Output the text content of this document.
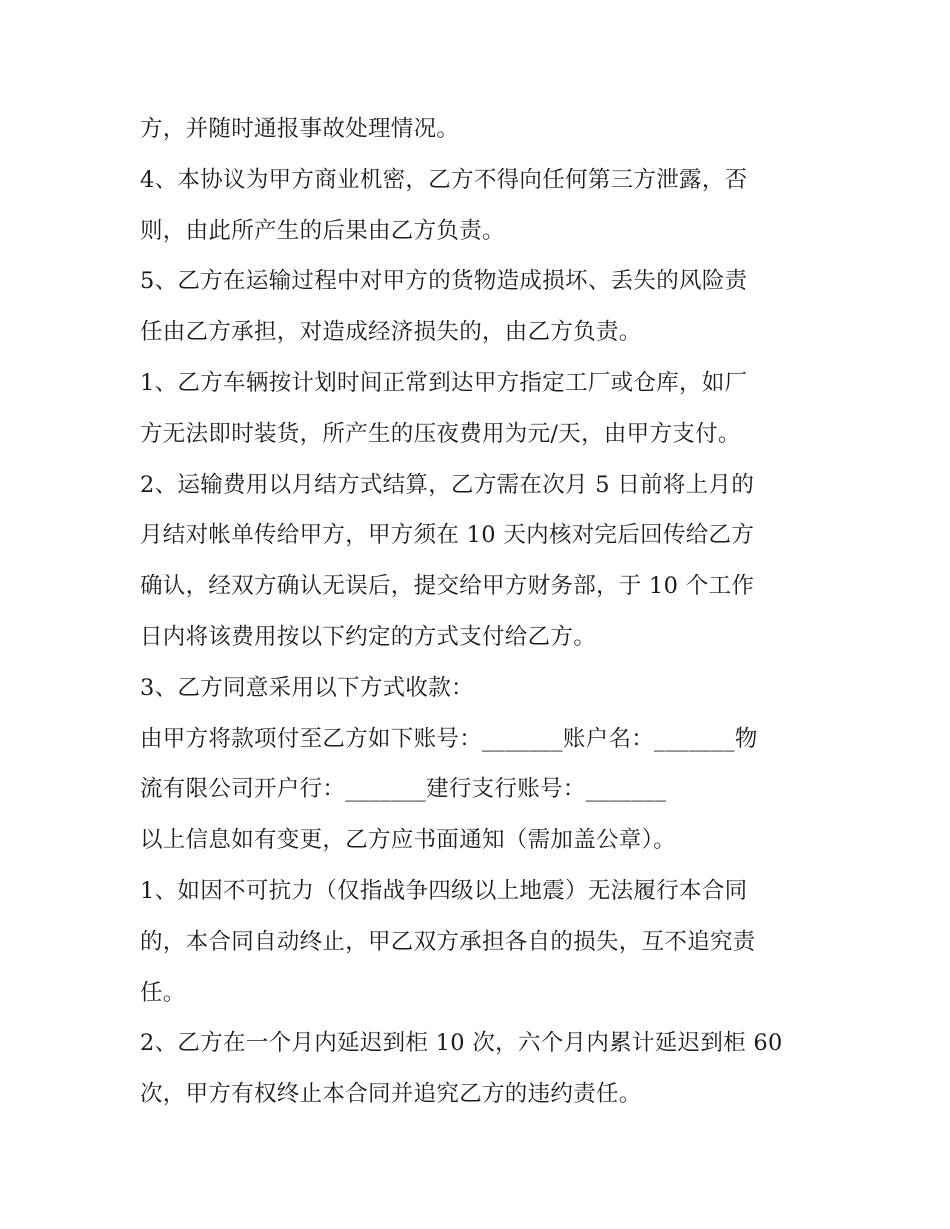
方，并随时通报事故处理情况。
4、本协议为甲方商业机密，乙方不得向任何第三方泄露，否
则，由此所产生的后果由乙方负责。
5、乙方在运输过程中对甲方的货物造成损坏、丢失的风险责
任由乙方承担，对造成经济损失的，由乙方负责。
1、乙方车辆按计划时间正常到达甲方指定工厂或仓库，如厂
方无法即时装货，所产生的压夜费用为元/天，由甲方支付。
2、运输费用以月结方式结算，乙方需在次月 5 日前将上月的
月结对帐单传给甲方，甲方须在 10 天内核对完后回传给乙方
确认，经双方确认无误后，提交给甲方财务部，于 10 个工作
日内将该费用按以下约定的方式支付给乙方。
3、乙方同意采用以下方式收款：
由甲方将款项付至乙方如下账号：_______账户名：_______物
流有限公司开户行：_______建行支行账号：_______
以上信息如有变更，乙方应书面通知（需加盖公章）。
1、如因不可抗力（仅指战争四级以上地震）无法履行本合同
的，本合同自动终止，甲乙双方承担各自的损失，互不追究责
任。
2、乙方在一个月内延迟到柜 10 次，六个月内累计延迟到柜 60
次，甲方有权终止本合同并追究乙方的违约责任。
